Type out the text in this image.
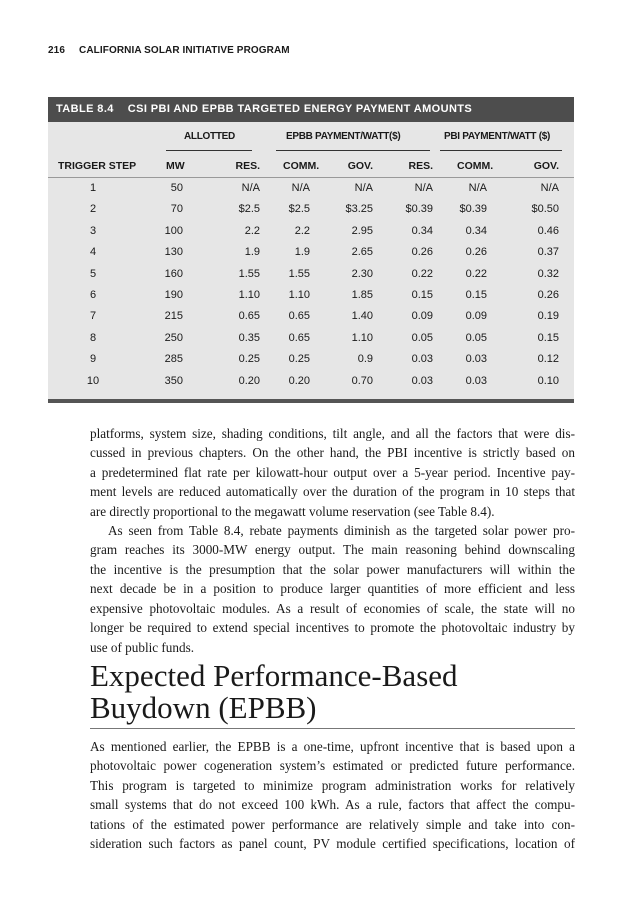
216 CALIFORNIA SOLAR INITIATIVE PROGRAM
TABLE 8.4 CSI PBI AND EPBB TARGETED ENERGY PAYMENT AMOUNTS
ALLOTTED	EPBB PAYMENT/WATT($)	PBI PAYMENT/WATT ($)
TRIGGER STEP	MW	RES. COMM.	GOV.	RES. COMM.	GOV.
1	50	N/A	N/A	N/A	N/A	N/A	N/A
2	70	$2.5	$2.5	$3.25	$0.39 $0.39	$0.50
3	100	2.2	2.2	2.95	0.34	0.34	0.46
4	130	1.9	1.9	2.65	0.26	0.26	0.37
5	160	1.55	1.55	2.30	0.22	0.22	0.32
6	190	1.10	1.10	1.85	0.15	0.15	0.26
7	215	0.65	0.65	1.40	0.09	0.09	0.19
8	250	0.35	0.65	1.10	0.05	0.05	0.15
9	285	0.25	0.25	0.9	0.03	0.03	0.12
10	350	0.20	0.20	0.70	0.03	0.03	0.10
platforms, system size, shading conditions, tilt angle, and all the factors that were dis-
cussed in previous chapters. On the other hand, the PBI incentive is strictly based on
a predetermined flat rate per kilowatt-hour output over a 5-year period. Incentive pay-
ment levels are reduced automatically over the duration of the program in 10 steps that
are directly proportional to the megawatt volume reservation (see Table 8.4).
As seen from Table 8.4, rebate payments diminish as the targeted solar power pro-
gram reaches its 3000-MW energy output. The main reasoning behind downscaling
the incentive is the presumption that the solar power manufacturers will within the
next decade be in a position to produce larger quantities of more efficient and less
expensive photovoltaic modules. As a result of economies of scale, the state will no
longer be required to extend special incentives to promote the photovoltaic industry by
use of public funds.
Expected Performance-Based
Buydown (EPBB)
As mentioned earlier, the EPBB is a one-time, upfront incentive that is based upon a
photovoltaic power cogeneration system’s estimated or predicted future performance.
This program is targeted to minimize program administration works for relatively
small systems that do not exceed 100 kWh. As a rule, factors that affect the compu-
tations of the estimated power performance are relatively simple and take into con-
sideration such factors as panel count, PV module certified specifications, location of
